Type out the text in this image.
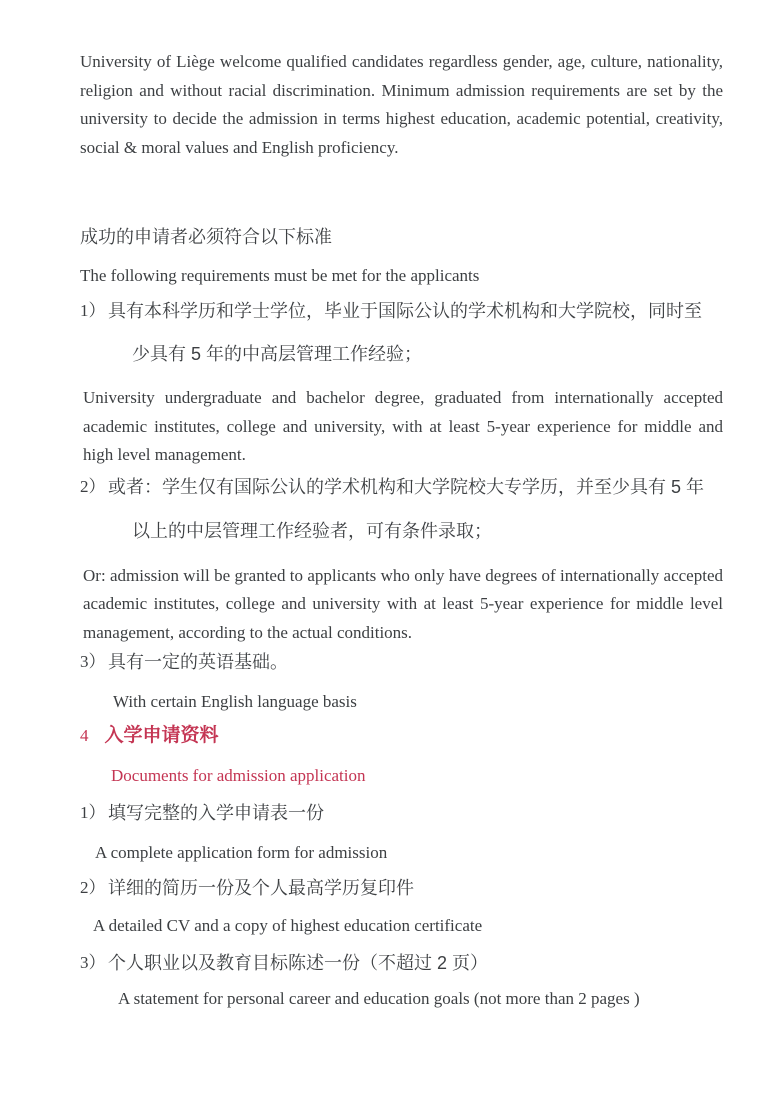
University of Liège welcome qualified candidates regardless gender, age, culture, nationality, religion and without racial discrimination. Minimum admission requirements are set by the university to decide the admission in terms highest education, academic potential, creativity, social & moral values and English proficiency.
成功的申请者必须符合以下标准
The following requirements must be met for the applicants
1） 具有本科学历和学士学位，毕业于国际公认的学术机构和大学院校，同时至
少具有 5 年的中高层管理工作经验；
University undergraduate and bachelor degree, graduated from internationally accepted academic institutes, college and university, with at least 5-year experience for middle and high level management.
2） 或者：学生仅有国际公认的学术机构和大学院校大专学历，并至少具有 5 年
以上的中层管理工作经验者，可有条件录取；
Or: admission will be granted to applicants who only have degrees of internationally accepted academic institutes, college and university with at least 5-year experience for middle level management, according to the actual conditions.
3） 具有一定的英语基础。
With certain English language basis
4 入学申请资料
Documents for admission application
1） 填写完整的入学申请表一份
A complete application form for admission
2） 详细的简历一份及个人最高学历复印件
A detailed CV and a copy of highest education certificate
3） 个人职业以及教育目标陈述一份（不超过 2 页）
A statement for personal career and education goals (not more than 2 pages )
